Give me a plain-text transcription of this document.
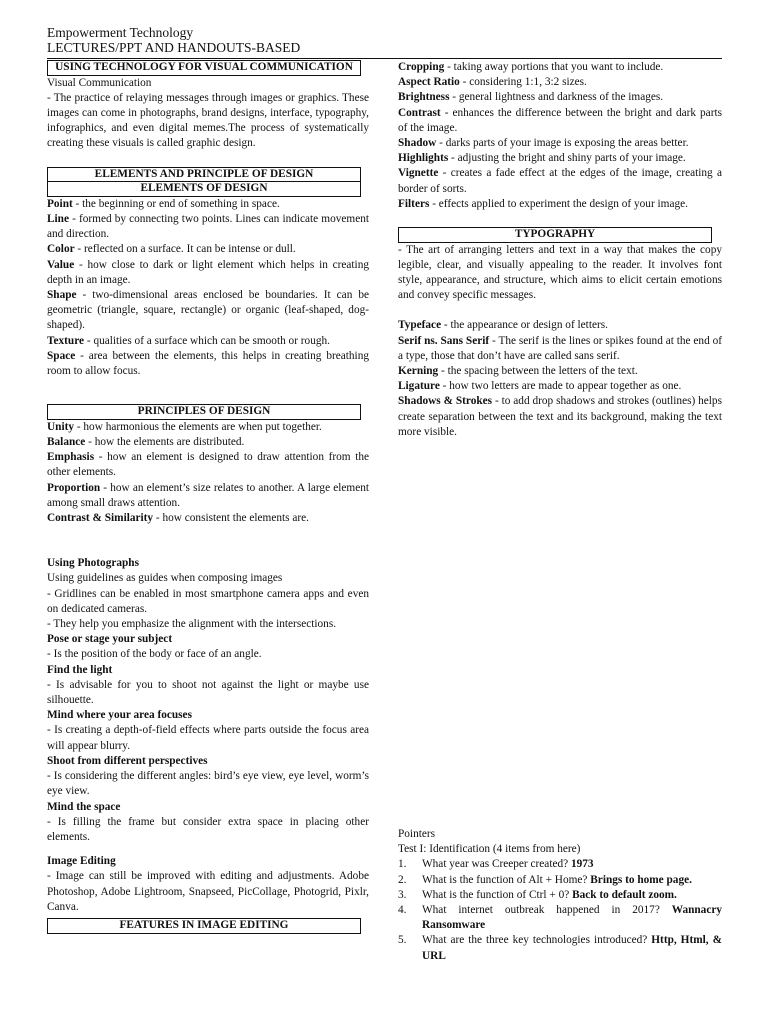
Empowerment Technology
LECTURES/PPT AND HANDOUTS-BASED
USING TECHNOLOGY FOR VISUAL COMMUNICATION

Visual Communication

- The practice of relaying messages through images or graphics. These images can come in photographs, brand designs, interface, typography, infographics, and even digital memes.The process of systematically creating these visuals is called graphic design.

ELEMENTS AND PRINCIPLE OF DESIGN
ELEMENTS OF DESIGN

Point - the beginning or end of something in space.

Line - formed by connecting two points. Lines can indicate movement and direction.

Color - reflected on a surface. It can be intense or dull.

Value - how close to dark or light element which helps in creating depth in an image.

Shape - two-dimensional areas enclosed be boundaries. It can be geometric (triangle, square, rectangle) or organic (leaf-shaped, dog-shaped).

Texture - qualities of a surface which can be smooth or rough.

Space - area between the elements, this helps in creating breathing room to allow focus.

PRINCIPLES OF DESIGN

Unity - how harmonious the elements are when put together.

Balance - how the elements are distributed.

Emphasis - how an element is designed to draw attention from the other elements.

Proportion - how an element’s size relates to another. A large element among small draws attention.

Contrast & Similarity - how consistent the elements are.

Using Photographs

Using guidelines as guides when composing images

- Gridlines can be enabled in most smartphone camera apps and even on dedicated cameras.

- They help you emphasize the alignment with the intersections.

Pose or stage your subject

- Is the position of the body or face of an angle.

Find the light

- Is advisable for you to shoot not against the light or maybe use silhouette.

Mind where your area focuses

- Is creating a depth-of-field effects where parts outside the focus area will appear blurry.

Shoot from different perspectives

- Is considering the different angles: bird’s eye view, eye level, worm’s eye view.

Mind the space

- Is filling the frame but consider extra space in placing other elements.

Image Editing

- Image can still be improved with editing and adjustments. Adobe Photoshop, Adobe Lightroom, Snapseed, PicCollage, Photogrid, Pixlr, Canva.

FEATURES IN IMAGE EDITING

Cropping - taking away portions that you want to include.

Aspect Ratio - considering 1:1, 3:2 sizes.

Brightness - general lightness and darkness of the images.

Contrast - enhances the difference between the bright and dark parts of the image.

Shadow - darks parts of your image is exposing the areas better.

Highlights - adjusting the bright and shiny parts of your image.

Vignette - creates a fade effect at the edges of the image, creating a border of sorts.

Filters - effects applied to experiment the design of your image.

TYPOGRAPHY

- The art of arranging letters and text in a way that makes the copy legible, clear, and visually appealing to the reader. It involves font style, appearance, and structure, which aims to elicit certain emotions and convey specific messages.

Typeface - the appearance or design of letters.

Serif ns. Sans Serif - The serif is the lines or spikes found at the end of a type, those that don’t have are called sans serif.

Kerning - the spacing between the letters of the text.

Ligature - how two letters are made to appear together as one.

Shadows & Strokes - to add drop shadows and strokes (outlines) helps create separation between the text and its background, making the text more visible.

Pointers

Test I: Identification (4 items from here)

1. What year was Creeper created? 1973
2. What is the function of Alt + Home? Brings to home page.
3. What is the function of Ctrl + 0? Back to default zoom.
4. What internet outbreak happened in 2017? Wannacry Ransomware
5. What are the three key technologies introduced? Http, Html, & URL
